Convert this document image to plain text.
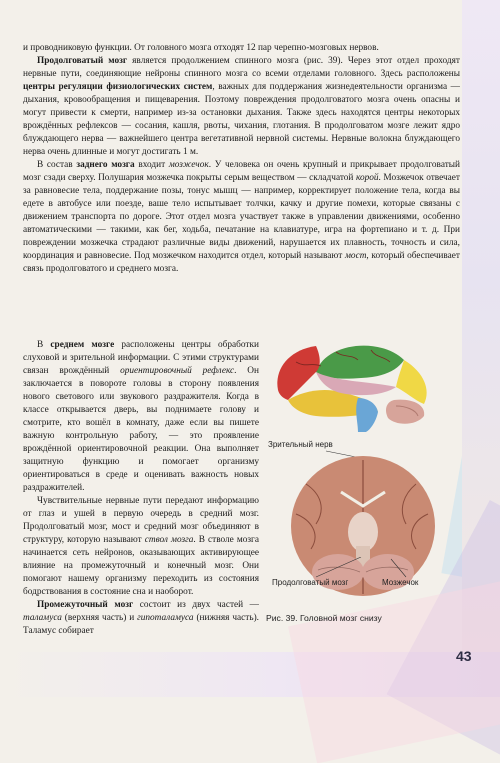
и проводниковую функции. От головного мозга отходят 12 пар черепно-мозговых нервов.

Продолговатый мозг является продолжением спинного мозга (рис. 39). Через этот отдел проходят нервные пути, соединяющие нейроны спинного мозга со всеми отделами головного. Здесь расположены центры регуляции физиологических систем, важных для поддержания жизнедеятельности организма — дыхания, кровообращения и пищеварения. Поэтому повреждения продолговатого мозга очень опасны и могут привести к смерти, например из-за остановки дыхания. Также здесь находятся центры некоторых врождённых рефлексов — сосания, кашля, рвоты, чихания, глотания. В продолговатом мозге лежит ядро блуждающего нерва — важнейшего центра вегетативной нервной системы. Нервные волокна блуждающего нерва очень длинные и могут достигать 1 м.

В состав заднего мозга входит мозжечок. У человека он очень крупный и прикрывает продолговатый мозг сзади сверху. Полушария мозжечка покрыты серым веществом — складчатой корой. Мозжечок отвечает за равновесие тела, поддержание позы, тонус мышц — например, корректирует положение тела, когда вы едете в автобусе или поезде, ваше тело испытывает толчки, качку и другие помехи, которые связаны с движением транспорта по дороге. Этот отдел мозга участвует также в управлении движениями, особенно автоматическими — такими, как бег, ходьба, печатание на клавиатуре, игра на фортепиано и т. д. При повреждении мозжечка страдают различные виды движений, нарушается их плавность, точность и сила, координация и равновесие. Под мозжечком находится отдел, который называют мост, который обеспечивает связь продолговатого и среднего мозга.

В среднем мозге расположены центры обработки слуховой и зрительной информации. С этими структурами связан врождённый ориентировочный рефлекс. Он заключается в повороте головы в сторону появления нового светового или звукового раздражителя. Когда в классе открывается дверь, вы поднимаете голову и смотрите, кто вошёл в комнату, даже если вы пишете важную контрольную работу, — это проявление врождённой ориентировочной реакции. Она выполняет защитную функцию и помогает организму ориентироваться в среде и оценивать важность новых раздражителей.

Чувствительные нервные пути передают информацию от глаз и ушей в первую очередь в средний мозг. Продолговатый мозг, мост и средний мозг объединяют в структуру, которую называют ствол мозга. В стволе мозга начинается сеть нейронов, оказывающих активирующее влияние на промежуточный и конечный мозг. Они помогают нашему организму переходить из состояния бодрствования в состояние сна и наоборот.

Промежуточный мозг состоит из двух частей — таламуса (верхняя часть) и гипоталамуса (нижняя часть). Таламус собирает

Зрительный нерв
Продолговатый мозг	Мозжечок
Рис. 39. Головной мозг снизу
43
